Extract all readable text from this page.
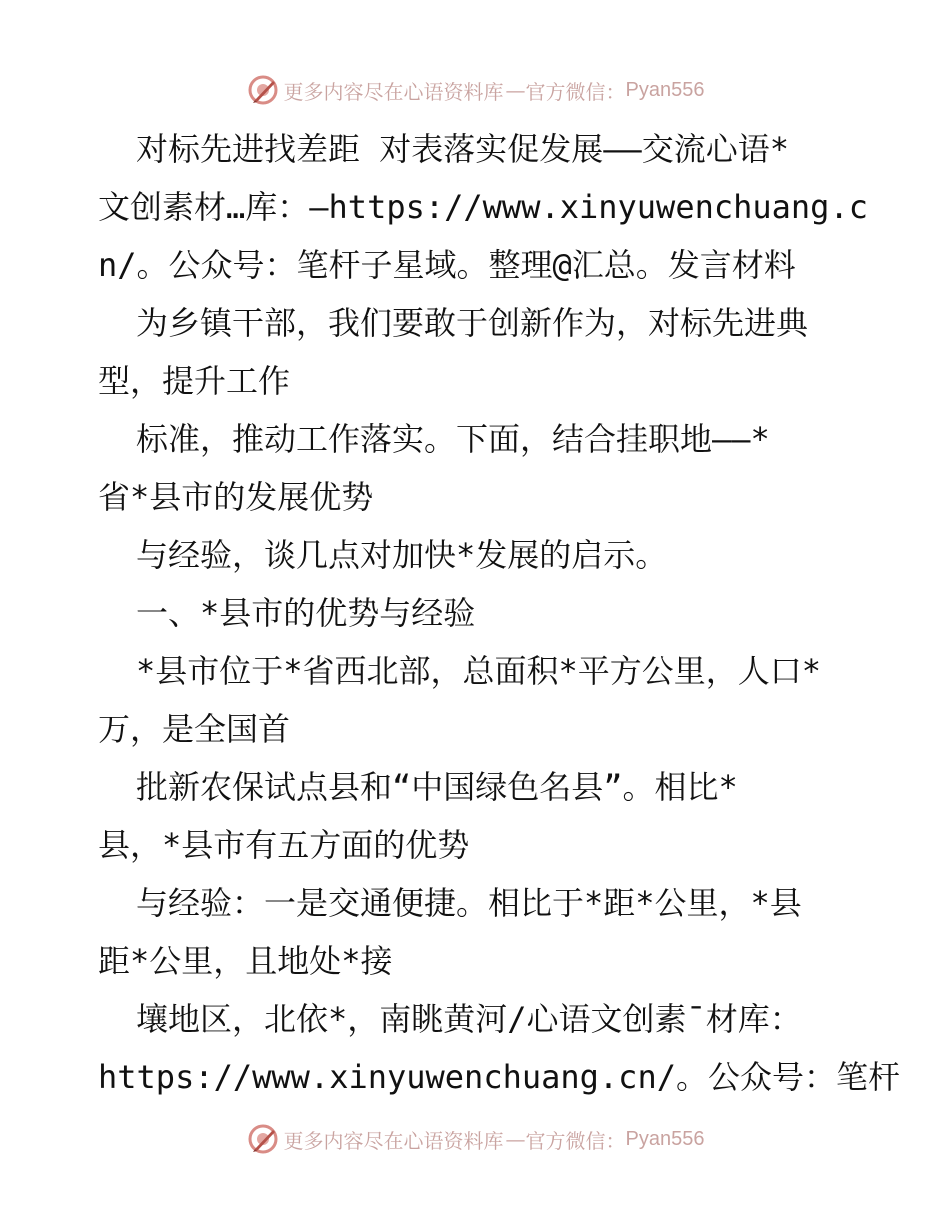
更多内容尽在心语资料库 — 官方微信： Pyan556
对标先进找差距 对表落实促发展——交流心语*
文创素材…库：—https://www.xinyuwenchuang.c
n/。公众号：笔杆子星域。整理@汇总。发言材料
为乡镇干部，我们要敢于创新作为，对标先进典
型，提升工作
标准，推动工作落实。下面，结合挂职地——*
省*县市的发展优势
与经验，谈几点对加快*发展的启示。
一、*县市的优势与经验
*县市位于*省西北部，总面积*平方公里，人口*
万，是全国首
批新农保试点县和“中国绿色名县”。相比*
县，*县市有五方面的优势
与经验：一是交通便捷。相比于*距*公里，*县
距*公里，且地处*接
壤地区，北依*，南眺黄河/心语文创素¯材库：
https://www.xinyuwenchuang.cn/。公众号：笔杆
更多内容尽在心语资料库 — 官方微信： Pyan556
